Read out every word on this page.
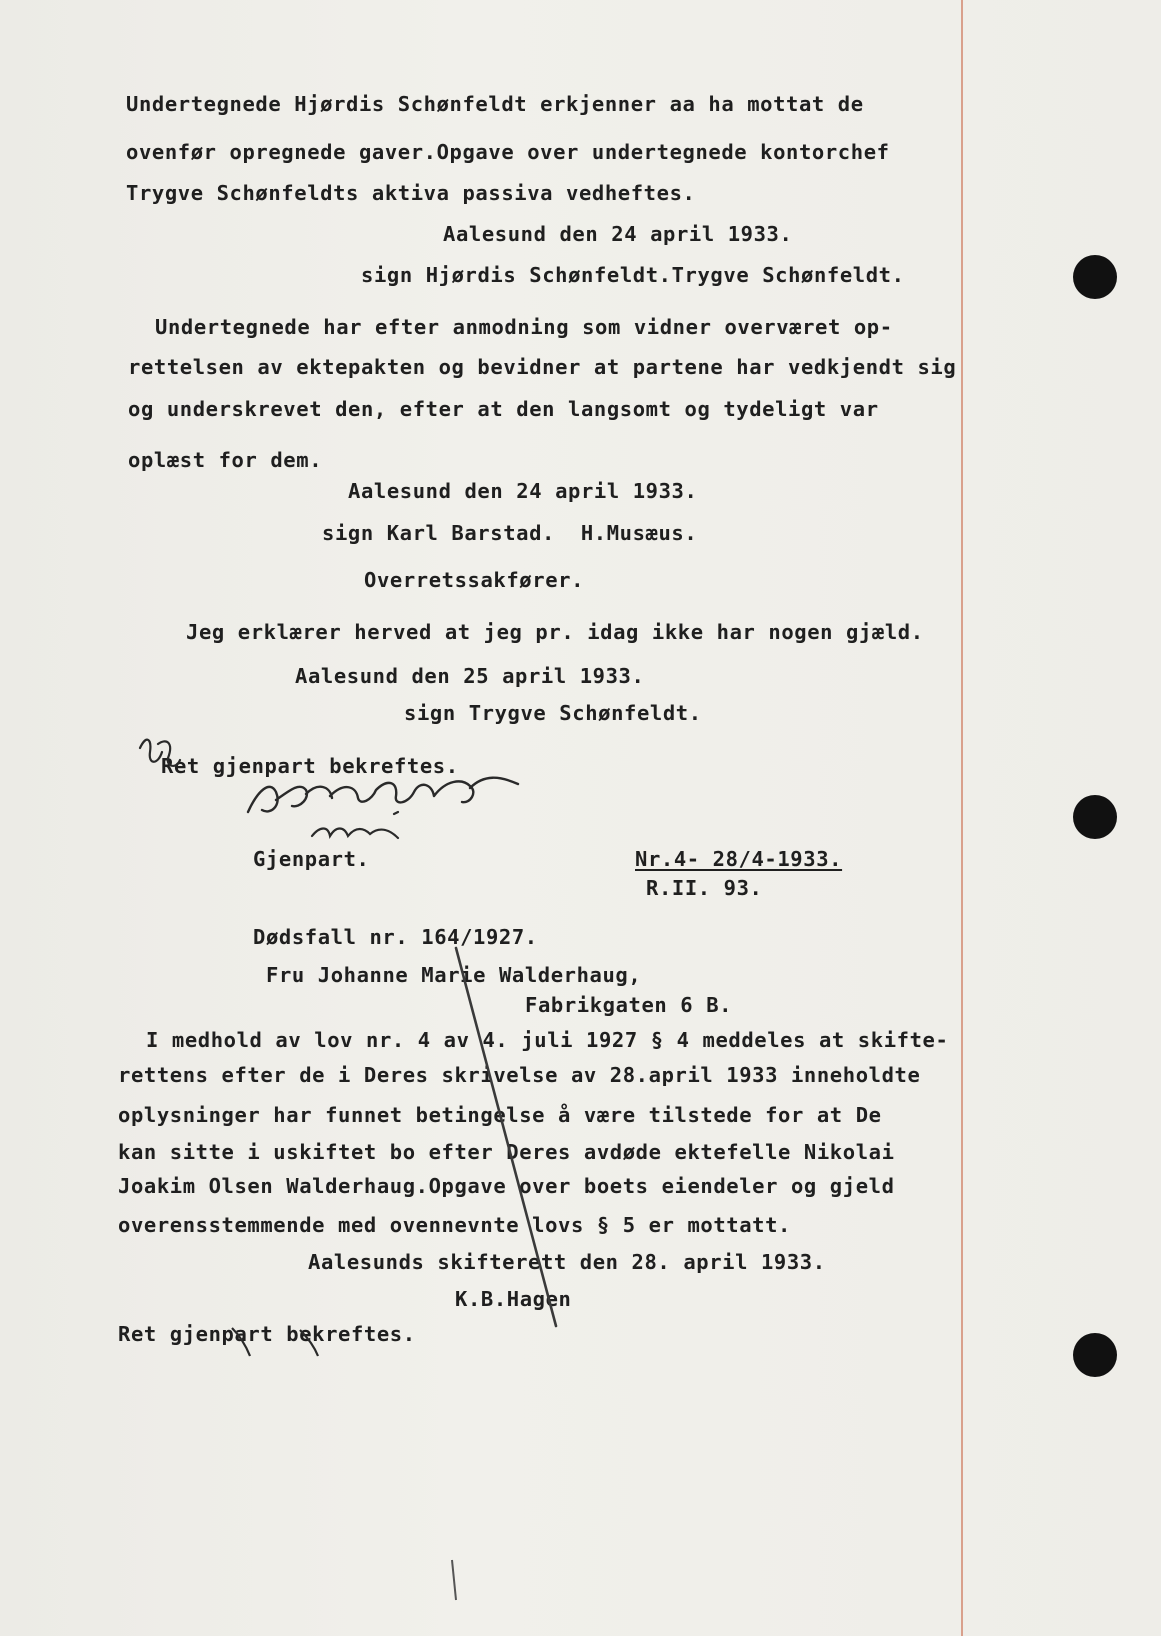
Undertegnede Hjørdis Schønfeldt erkjenner aa ha mottat de
ovenfør opregnede gaver.Opgave over undertegnede kontorchef
Trygve Schønfeldts aktiva passiva vedheftes.
Aalesund den 24 april 1933.
sign Hjørdis Schønfeldt.Trygve Schønfeldt.
Undertegnede har efter anmodning som vidner overværet op-
rettelsen av ektepakten og bevidner at partene har vedkjendt sig
og underskrevet den, efter at den langsomt og tydeligt var
oplæst for dem.
Aalesund den 24 april 1933.
sign Karl Barstad.  H.Musæus.
Overretssakfører.
Jeg erklærer herved at jeg pr. idag ikke har nogen gjæld.
Aalesund den 25 april 1933.
sign Trygve Schønfeldt.
Ret gjenpart bekreftes.
Gjenpart.	Nr.4- 28/4-1933.
R.II. 93.
Dødsfall nr. 164/1927.
Fru Johanne Marie Walderhaug,
Fabrikgaten 6 B.
I medhold av lov nr. 4 av 4. juli 1927 § 4 meddeles at skifte-
rettens efter de i Deres skrivelse av 28.april 1933 inneholdte
oplysninger har funnet betingelse å være tilstede for at De
kan sitte i uskiftet bo efter Deres avdøde ektefelle Nikolai
Joakim Olsen Walderhaug.Opgave over boets eiendeler og gjeld
overensstemmende med ovennevnte lovs § 5 er mottatt.
Aalesunds skifterett den 28. april 1933.
K.B.Hagen
Ret gjenpart bekreftes.
